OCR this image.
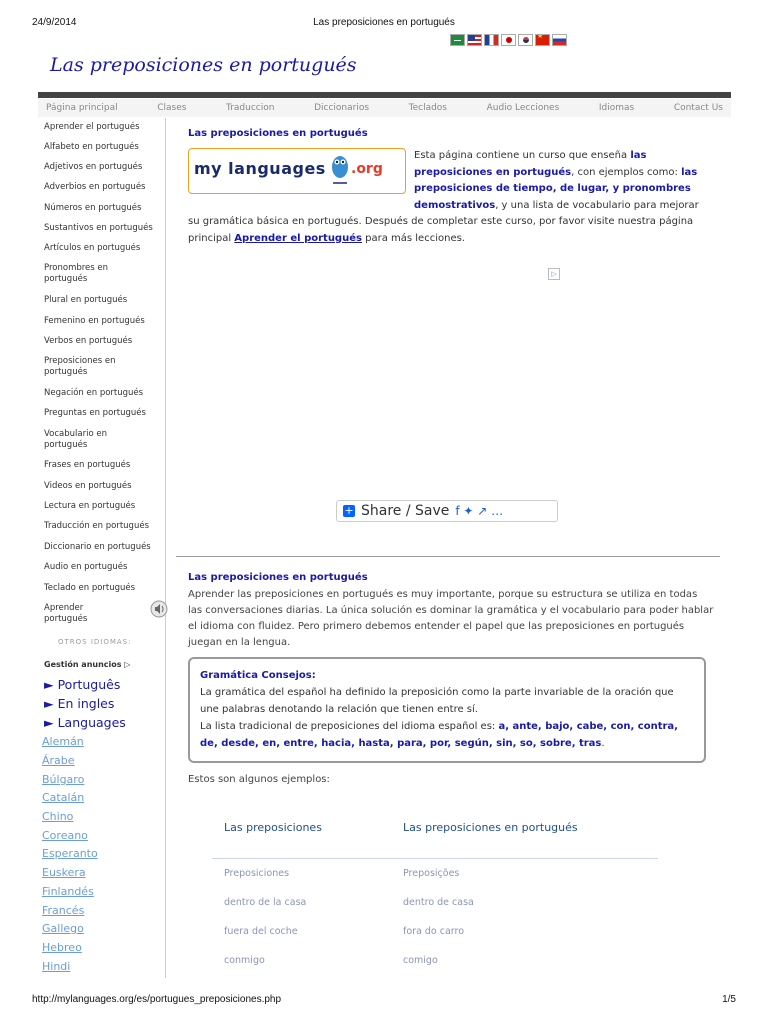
24/9/2014	Las preposiciones en portugués
★
Las preposiciones en portugués
Página principal	Clases	Traduccion	Diccionarios	Teclados	Audio Lecciones	Idiomas	Contact Us
Aprender el portugués
Alfabeto en portugués
Adjetivos en portugués
Adverbios en portugués
Números en portugués
Sustantivos en portugués
Artículos en portugués
Pronombres en portugués
Plural en portugués
Femenino en portugués
Verbos en portugués
Preposiciones en portugués
Negación en portugués
Preguntas en portugués
Vocabulario en portugués
Frases en portugués
Videos en portugués
Lectura en portugués
Traducción en portugués
Diccionario en portugués
Audio en portugués
Teclado en portugués
Aprender portugués
OTROS IDIOMAS:
Gestión anuncios ▷
► Português
► En ingles
► Languages
Alemán
Árabe
Búlgaro
Catalán
Chino
Coreano
Esperanto
Euskera
Finlandés
Francés
Gallego
Hebreo
Hindi
Las preposiciones en portugués
Esta página contiene un curso que enseña las preposiciones en portugués, con ejemplos como: las preposiciones de tiempo, de lugar, y pronombres demostrativos, y una lista de vocabulario para mejorar su gramática básica en portugués. Después de completar este curso, por favor visite nuestra página principal Aprender el portugués para más lecciones.
my languages .org
▷
+ Share / Save f ✦ ↗ …
Las preposiciones en portugués
Aprender las preposiciones en portugués es muy importante, porque su estructura se utiliza en todas las conversaciones diarias. La única solución es dominar la gramática y el vocabulario para poder hablar el idioma con fluidez. Pero primero debemos entender el papel que las preposiciones en portugués juegan en la lengua.
Gramática Consejos:
La gramática del español ha definido la preposición como la parte invariable de la oración que une palabras denotando la relación que tienen entre sí.
La lista tradicional de preposiciones del idioma español es: a, ante, bajo, cabe, con, contra, de, desde, en, entre, hacia, hasta, para, por, según, sin, so, sobre, tras.
Estos son algunos ejemplos:
Las preposiciones	Las preposiciones en portugués
Preposiciones	Preposições
dentro de la casa	dentro de casa
fuera del coche	fora do carro
conmigo	comigo
http://mylanguages.org/es/portugues_preposiciones.php	1/5
